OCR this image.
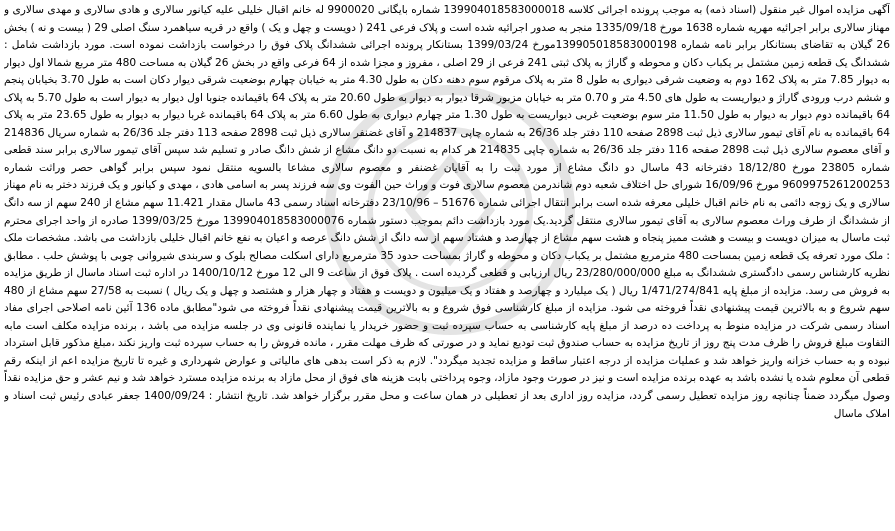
آگهی مزایده اموال غیر منقول (اسناد ذمه) به موجب پرونده اجرائی کلاسه 139904018583000018 شماره بایگانی 9900020 له خانم اقبال خلیلی علیه کیانور سالاری و هادی سالاری و مهدی سالاری و مهناز سالاری برابر اجرائیه مهریه شماره 1638 مورخ 1335/09/18 منجر به صدور اجرائیه شده است و پلاک فرعی 241 ( دویست و چهل و یک ) واقع در قریه سیاهمرد سنگ اصلی 29 ( بیست و نه ) بخش 26 گیلان به تقاضای بستانکار برابر نامه شماره 139905018583000198مورخ 1399/03/24 بستانکار پرونده اجرائی ششدانگ پلاک فوق را درخواست بازداشت نموده است. مورد بازداشت شامل : ششدانگ یک قطعه زمین مشتمل بر یکباب دکان و محوطه و گاراژ به پلاک ثبتی 241 فرعی از 29 اصلی ، مفروز و مجزا شده از 64 فرعی واقع در بخش 26 گیلان به مساحت 480 متر مربع شمالا اول دیوار به دیوار 7.85 متر به پلاک 162 دوم به وضعیت شرقی دیواری به طول 8 متر به پلاک مرقوم سوم دهنه دکان به طول 4.30 متر به خیابان چهارم بوضعیت شرقی دیوار دکان است به طول 3.70 بخیابان پنجم و ششم درب ورودی گاراژ و دیواریست به طول های 4.50 متر و 0.70 متر به خیابان مزبور شرقا دیوار به دیوار به طول 20.60 متر به پلاک 64 باقیمانده جنوبا اول دیوار به دیوار است به طول 5.70 به پلاک 64 باقیمانده دوم دیوار به دیوار به طول 11.50 متر سوم بوضعیت غربی دیواریست به طول 1.30 متر چهارم دیواری به طول 6.60 متر به پلاک 64 باقیمانده غربا دیوار به دیوار به طول 23.65 متر به پلاک 64 باقیمانده به نام آقای تیمور سالاری ذیل ثبت 2898 صفحه 110 دفتر جلد 26/36 به شماره چاپی 214837 و آقای غضنفر سالاری ذیل ثبت 2898 صفحه 113 دفتر جلد 26/36 به شماره سریال 214836 و آقای معصوم سالاری ذیل ثبت 2898 صفحه 116 دفتر جلد 26/36 به شماره چاپی 214835 هر کدام به نسبت دو دانگ مشاع از شش دانگ صادر و تسلیم شد سپس آقای تیمور سالاری برابر سند قطعی شماره 23805 مورخ 18/12/80 دفترخانه 43 ماسال دو دانگ مشاع از مورد ثبت را به آقایان غضنفر و معصوم سالاری مشاعا بالسویه منتقل نمود سپس برابر گواهی حصر وراثت شماره 9609975261200253 مورخ 16/09/96 شورای حل اختلاف شعبه دوم شاندرمن معصوم سالاری فوت و وراث حین الفوت وی سه فرزند پسر به اسامی هادی ، مهدی و کیانور و یک فرزند دختر به نام مهناز سالاری و یک زوجه دائمی به نام خانم اقبال خلیلی معرفه شده است برابر انتقال اجرائی شماره 51676 – 23/10/96 دفترخانه اسناد رسمی 43 ماسال مقدار 11.421 سهم مشاع از 240 سهم از سه دانگ از ششدانگ از طرف وراث معصوم سالاری به آقای تیمور سالاری منتقل گردید.یک مورد بازداشت دائم بموجب دستور شماره 139904018583000076 مورخ 1399/03/25 صادره از واحد اجرای محترم ثبت ماسال به میزان دویست و بیست و هشت ممیز پنجاه و هشت سهم مشاع از چهارصد و هشتاد سهم از سه دانگ از شش دانگ عرصه و اعیان به نفع خانم اقبال خلیلی بازداشت می باشد. مشخصات ملک : ملک مورد تعرفه یک قطعه زمین بمساحت 480 مترمربع مشتمل بر یکباب دکان و محوطه و گاراژ بمساحت حدود 35 مترمربع دارای اسکلت مصالح بلوک و سربندی شیروانی چوبی با پوشش حلب . مطابق نظریه کارشناس رسمی دادگستری ششدانگ به مبلغ 23/280/000/000 ریال ارزیابی و قطعی گردیده است . پلاک فوق از ساعت 9 الی 12 مورخ 1400/10/12 در اداره ثبت اسناد ماسال از طریق مزایده به فروش می رسد. مزایده از مبلغ پایه 1/471/274/841 ریال ( یک میلیارد و چهارصد و هفتاد و یک میلیون و دویست و هفتاد و چهار هزار و هشتصد و چهل و یک ریال ) نسبت به 27/58 سهم مشاع از 480 سهم شروع و به بالاترین قیمت پیشنهادی نقداً فروخته می شود. مزایده از مبلغ کارشناسی فوق شروع و به بالاترین قیمت پیشنهادی نقداً فروخته می شود"مطابق ماده 136 آئین نامه اصلاحی اجرای مفاد اسناد رسمی شرکت در مزایده منوط به پرداخت ده درصد از مبلغ پایه کارشناسی به حساب سپرده ثبت و حضور خریدار یا نماینده قانونی وی در جلسه مزایده می باشد ، برنده مزایده مکلف است مابه التفاوت مبلغ فروش را ظرف مدت پنج روز از تاریخ مزایده به حساب صندوق ثبت تودیع نماید و در صورتی که ظرف مهلت مقرر ، مانده فروش را به حساب سپرده ثبت واریز نکند ،مبلغ مذکور قابل استرداد نبوده و به حساب خزانه واریز خواهد شد و عملیات مزایده از درجه اعتبار ساقط و مزایده تجدید میگردد". لازم به ذکر است بدهی های مالیاتی و عوارض شهرداری و غیره تا تاریخ مزایده اعم از اینکه رقم قطعی آن معلوم شده یا نشده باشد به عهده برنده مزایده است و نیز در صورت وجود مازاد، وجوه پرداختی بابت هزینه های فوق از محل مازاد به برنده مزایده مسترد خواهد شد و نیم عشر و حق مزایده نقداً وصول میگردد ضمناً چنانچه روز مزایده تعطیل رسمی گردد، مزایده روز اداری بعد از تعطیلی در همان ساعت و محل مقرر برگزار خواهد شد. تاریخ انتشار : 1400/09/24 جعفر عبادی رئیس ثبت اسناد و املاک ماسال
